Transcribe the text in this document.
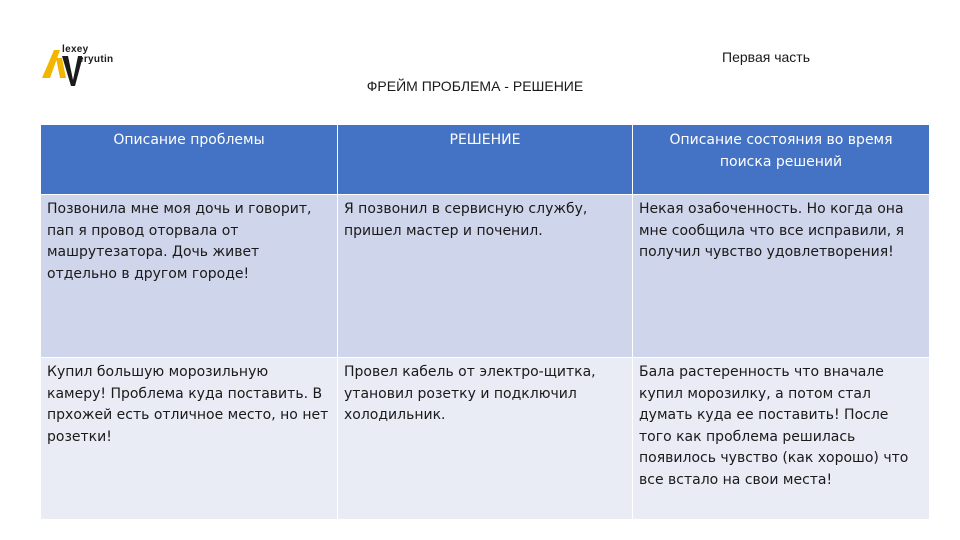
lexey
eryutin	Первая часть
ФРЕЙМ ПРОБЛЕМА - РЕШЕНИЕ
Описание проблемы	РЕШЕНИЕ	Описание состояния во время поиска решений
Позвонила мне моя дочь и говорит, пап я провод оторвала от машрутезатора. Дочь живет отдельно в другом городе!	Я позвонил в сервисную службу, пришел мастер и поченил.	Некая озабоченность. Но когда она мне сообщила что все исправили, я получил чувство удовлетворения!
Купил большую морозильную камеру! Проблема куда поставить. В прхожей есть отличное место, но нет розетки!	Провел кабель от электро-щитка, утановил розетку и подключил холодильник.	Бала растеренность что вначале купил морозилку, а потом стал думать куда ее поставить! После того как проблема решилась появилось чувство (как хорошо) что все встало на свои места!
